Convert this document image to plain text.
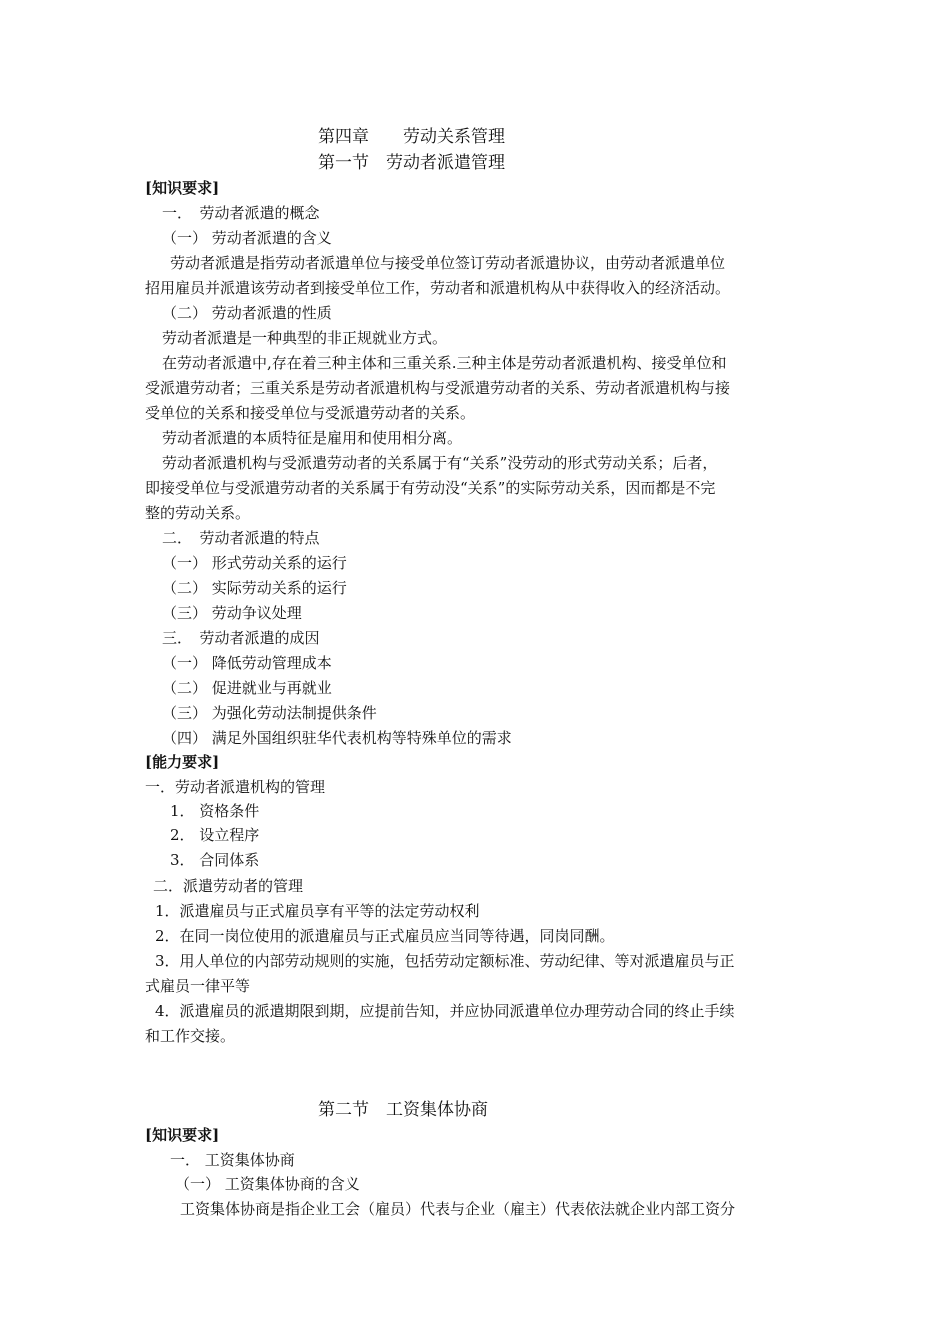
第四章　　劳动关系管理
第一节　劳动者派遣管理
[知识要求]
一．　劳动者派遣的概念
（一） 劳动者派遣的含义
劳动者派遣是指劳动者派遣单位与接受单位签订劳动者派遣协议，由劳动者派遣单位
招用雇员并派遣该劳动者到接受单位工作，劳动者和派遣机构从中获得收入的经济活动。
（二） 劳动者派遣的性质
劳动者派遣是一种典型的非正规就业方式。
在劳动者派遣中,存在着三种主体和三重关系.三种主体是劳动者派遣机构、接受单位和
受派遣劳动者；三重关系是劳动者派遣机构与受派遣劳动者的关系、劳动者派遣机构与接
受单位的关系和接受单位与受派遣劳动者的关系。
劳动者派遣的本质特征是雇用和使用相分离。
劳动者派遣机构与受派遣劳动者的关系属于有“关系”没劳动的形式劳动关系；后者，
即接受单位与受派遣劳动者的关系属于有劳动没“关系”的实际劳动关系，因而都是不完
整的劳动关系。
二．　劳动者派遣的特点
（一） 形式劳动关系的运行
（二） 实际劳动关系的运行
（三） 劳动争议处理
三．　劳动者派遣的成因
（一） 降低劳动管理成本
（二） 促进就业与再就业
（三） 为强化劳动法制提供条件
（四） 满足外国组织驻华代表机构等特殊单位的需求
[能力要求]
一．劳动者派遣机构的管理
1． 资格条件
2． 设立程序
3． 合同体系
二．派遣劳动者的管理
1．派遣雇员与正式雇员享有平等的法定劳动权利
2．在同一岗位使用的派遣雇员与正式雇员应当同等待遇，同岗同酬。
3．用人单位的内部劳动规则的实施，包括劳动定额标准、劳动纪律、等对派遣雇员与正
式雇员一律平等
4．派遣雇员的派遣期限到期，应提前告知，并应协同派遣单位办理劳动合同的终止手续
和工作交接。
第二节　工资集体协商
[知识要求]
一． 工资集体协商
（一） 工资集体协商的含义
工资集体协商是指企业工会（雇员）代表与企业（雇主）代表依法就企业内部工资分
